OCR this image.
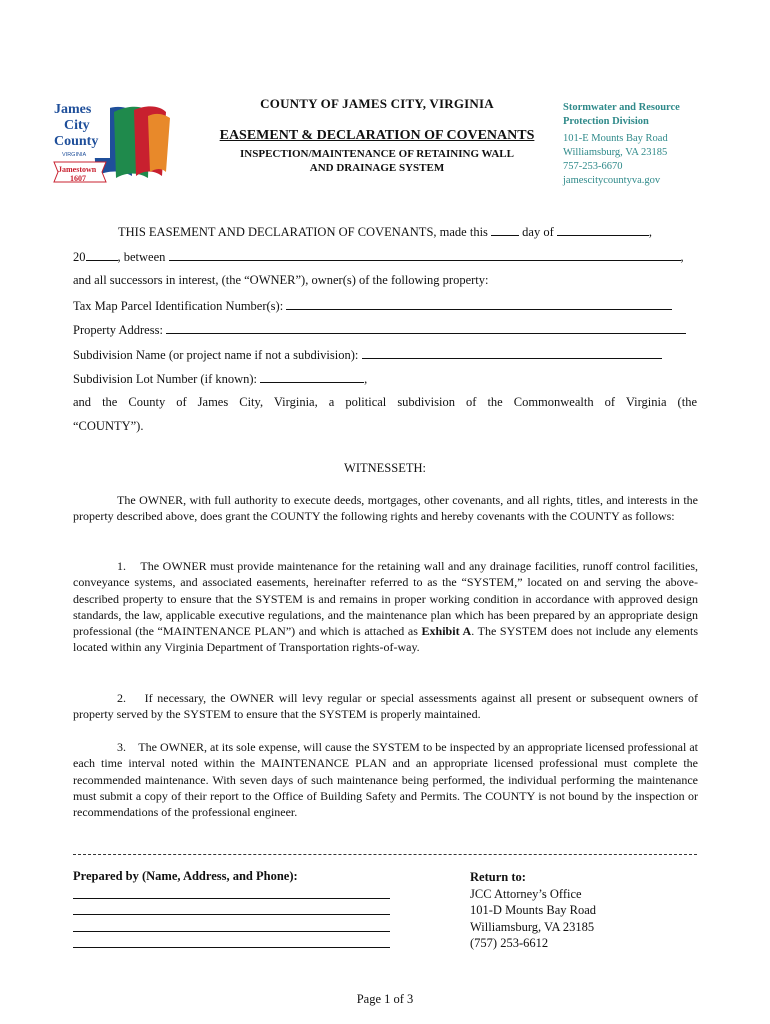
James
City
County
VIRGINIA
Jamestown
1607
COUNTY OF JAMES CITY, VIRGINIA
EASEMENT & DECLARATION OF COVENANTS
INSPECTION/MAINTENANCE OF RETAINING WALL
AND DRAINAGE SYSTEM
Stormwater and Resource
Protection Division
101-E Mounts Bay Road
Williamsburg, VA 23185
757-253-6670
jamescitycountyva.gov
THIS EASEMENT AND DECLARATION OF COVENANTS, made this	day of	,
20	, between	,
and all successors in interest, (the “OWNER”), owner(s) of the following property:
Tax Map Parcel Identification Number(s):
Property Address:
Subdivision Name (or project name if not a subdivision):
Subdivision Lot Number (if known):	,
and the County of James City, Virginia, a political subdivision of the Commonwealth of Virginia (the
“COUNTY”).
WITNESSETH:
The OWNER, with full authority to execute deeds, mortgages, other covenants, and all rights, titles, and interests in the property described above, does grant the COUNTY the following rights and hereby covenants with the COUNTY as follows:
1.    The OWNER must provide maintenance for the retaining wall and any drainage facilities, runoff control facilities, conveyance systems, and associated easements, hereinafter referred to as the “SYSTEM,” located on and serving the above-described property to ensure that the SYSTEM is and remains in proper working condition in accordance with approved design standards, the law, applicable executive regulations, and the maintenance plan which has been prepared by an appropriate design professional (the “MAINTENANCE PLAN”) and which is attached as Exhibit A. The SYSTEM does not include any elements located within any Virginia Department of Transportation rights-of-way.
2.    If necessary, the OWNER will levy regular or special assessments against all present or subsequent owners of property served by the SYSTEM to ensure that the SYSTEM is properly maintained.
3.    The OWNER, at its sole expense, will cause the SYSTEM to be inspected by an appropriate licensed professional at each time interval noted within the MAINTENANCE PLAN and an appropriate licensed professional must complete the recommended maintenance. With seven days of such maintenance being performed, the individual performing the maintenance must submit a copy of their report to the Office of Building Safety and Permits. The COUNTY is not bound by the inspection or recommendations of the professional engineer.
Prepared by (Name, Address, and Phone):	Return to:
JCC Attorney’s Office
101-D Mounts Bay Road
Williamsburg, VA 23185
(757) 253-6612
Page 1 of 3
